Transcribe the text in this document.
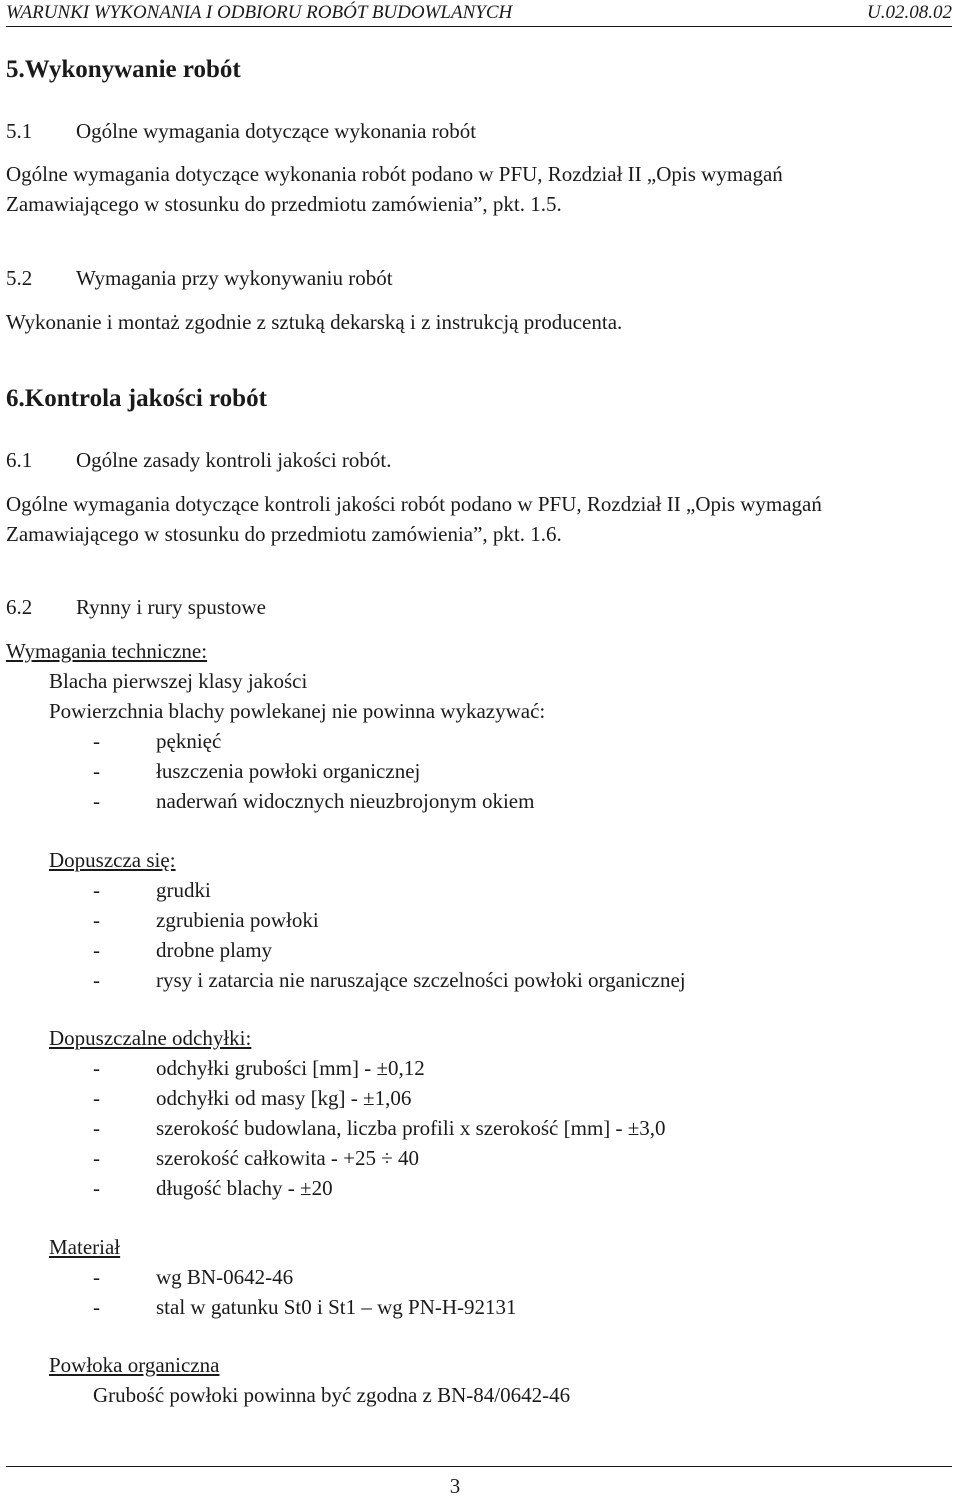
WARUNKI WYKONANIA I ODBIORU ROBÓT BUDOWLANYCH	U.02.08.02
5.Wykonywanie robót
5.1 Ogólne wymagania dotyczące wykonania robót
Ogólne wymagania dotyczące wykonania robót podano w PFU, Rozdział II „Opis wymagań
Zamawiającego w stosunku do przedmiotu zamówienia”, pkt. 1.5.
5.2 Wymagania przy wykonywaniu robót
Wykonanie i montaż zgodnie z sztuką dekarską i z instrukcją producenta.
6.Kontrola jakości robót
6.1 Ogólne zasady kontroli jakości robót.
Ogólne wymagania dotyczące kontroli jakości robót podano w PFU, Rozdział II „Opis wymagań
Zamawiającego w stosunku do przedmiotu zamówienia”, pkt. 1.6.
6.2 Rynny i rury spustowe
Wymagania techniczne:
Blacha pierwszej klasy jakości
Powierzchnia blachy powlekanej nie powinna wykazywać:
-	pęknięć
-	łuszczenia powłoki organicznej
-	naderwań widocznych nieuzbrojonym okiem
Dopuszcza się:
-	grudki
-	zgrubienia powłoki
-	drobne plamy
-	rysy i zatarcia nie naruszające szczelności powłoki organicznej
Dopuszczalne odchyłki:
-	odchyłki grubości [mm] - ±0,12
-	odchyłki od masy [kg] - ±1,06
-	szerokość budowlana, liczba profili x szerokość [mm] - ±3,0
-	szerokość całkowita - +25 ÷ 40
-	długość blachy - ±20
Materiał
-	wg BN-0642-46
-	stal w gatunku St0 i St1 – wg PN-H-92131
Powłoka organiczna
Grubość powłoki powinna być zgodna z BN-84/0642-46
3
